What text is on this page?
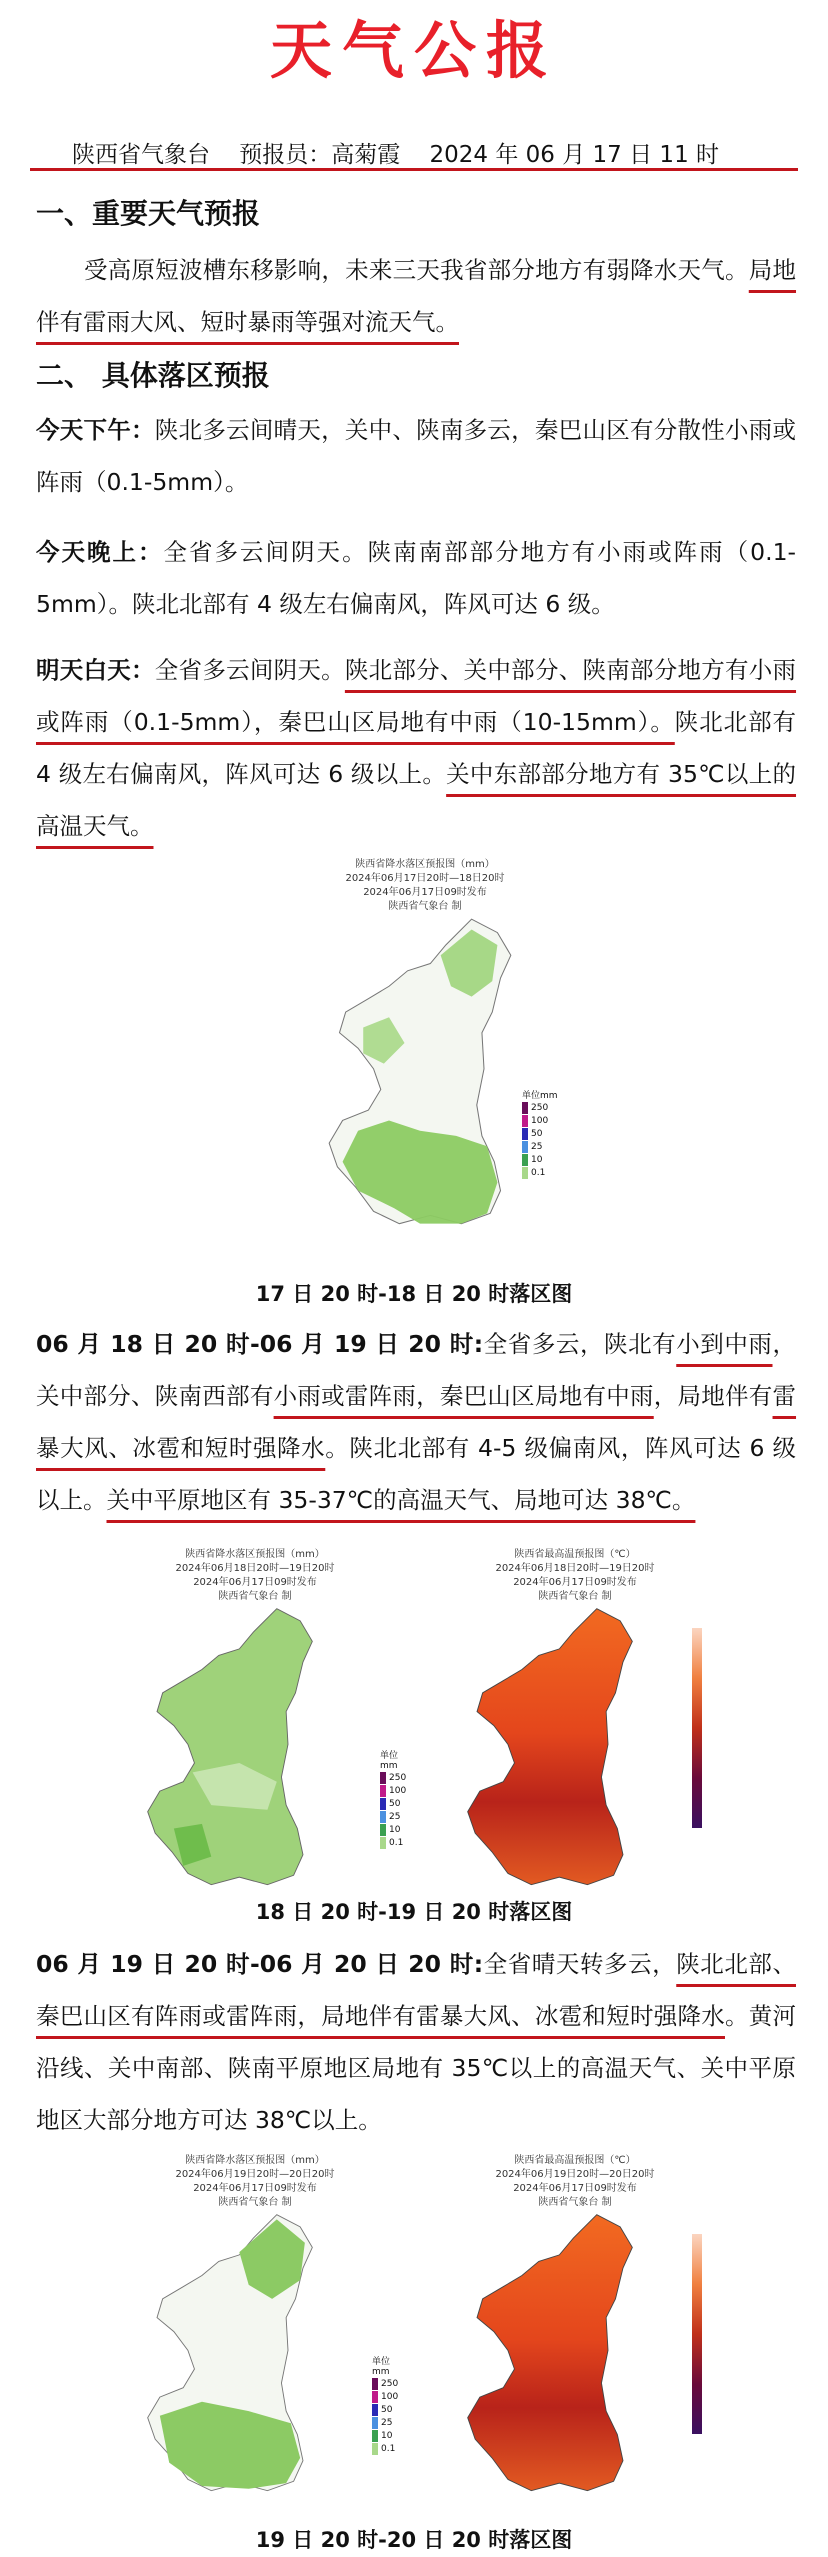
天气公报
陕西省气象台 预报员：高菊霞 2024 年 06 月 17 日 11 时
一、重要天气预报
受高原短波槽东移影响，未来三天我省部分地方有弱降水天气。局地伴有雷雨大风、短时暴雨等强对流天气。
二、 具体落区预报
今天下午：陕北多云间晴天，关中、陕南多云，秦巴山区有分散性小雨或阵雨（0.1-5mm）。
今天晚上：全省多云间阴天。陕南南部部分地方有小雨或阵雨（0.1-5mm）。陕北北部有 4 级左右偏南风，阵风可达 6 级。
明天白天：全省多云间阴天。陕北部分、关中部分、陕南部分地方有小雨或阵雨（0.1-5mm），秦巴山区局地有中雨（10-15mm）。陕北北部有 4 级左右偏南风，阵风可达 6 级以上。关中东部部分地方有 35℃以上的高温天气。
陕西省降水落区预报图（mm）
2024年06月17日20时—18日20时
2024年06月17日09时发布
陕西省气象台 制
单位mm
250
100
50
25
10
0.1
17 日 20 时-18 日 20 时落区图
06 月 18 日 20 时-06 月 19 日 20 时:全省多云，陕北有小到中雨，关中部分、陕南西部有小雨或雷阵雨，秦巴山区局地有中雨，局地伴有雷暴大风、冰雹和短时强降水。陕北北部有 4-5 级偏南风，阵风可达 6 级以上。关中平原地区有 35-37℃的高温天气、局地可达 38℃。
陕西省降水落区预报图（mm）
2024年06月18日20时—19日20时
2024年06月17日09时发布
陕西省气象台 制
单位mm
250
100
50
25
10
0.1
陕西省最高温预报图（℃）
2024年06月18日20时—19日20时
2024年06月17日09时发布
陕西省气象台 制
18 日 20 时-19 日 20 时落区图
06 月 19 日 20 时-06 月 20 日 20 时:全省晴天转多云，陕北北部、秦巴山区有阵雨或雷阵雨，局地伴有雷暴大风、冰雹和短时强降水。黄河沿线、关中南部、陕南平原地区局地有 35℃以上的高温天气、关中平原地区大部分地方可达 38℃以上。
陕西省降水落区预报图（mm）
2024年06月19日20时—20日20时
2024年06月17日09时发布
陕西省气象台 制
单位mm
250
100
50
25
10
0.1
陕西省最高温预报图（℃）
2024年06月19日20时—20日20时
2024年06月17日09时发布
陕西省气象台 制
19 日 20 时-20 日 20 时落区图
